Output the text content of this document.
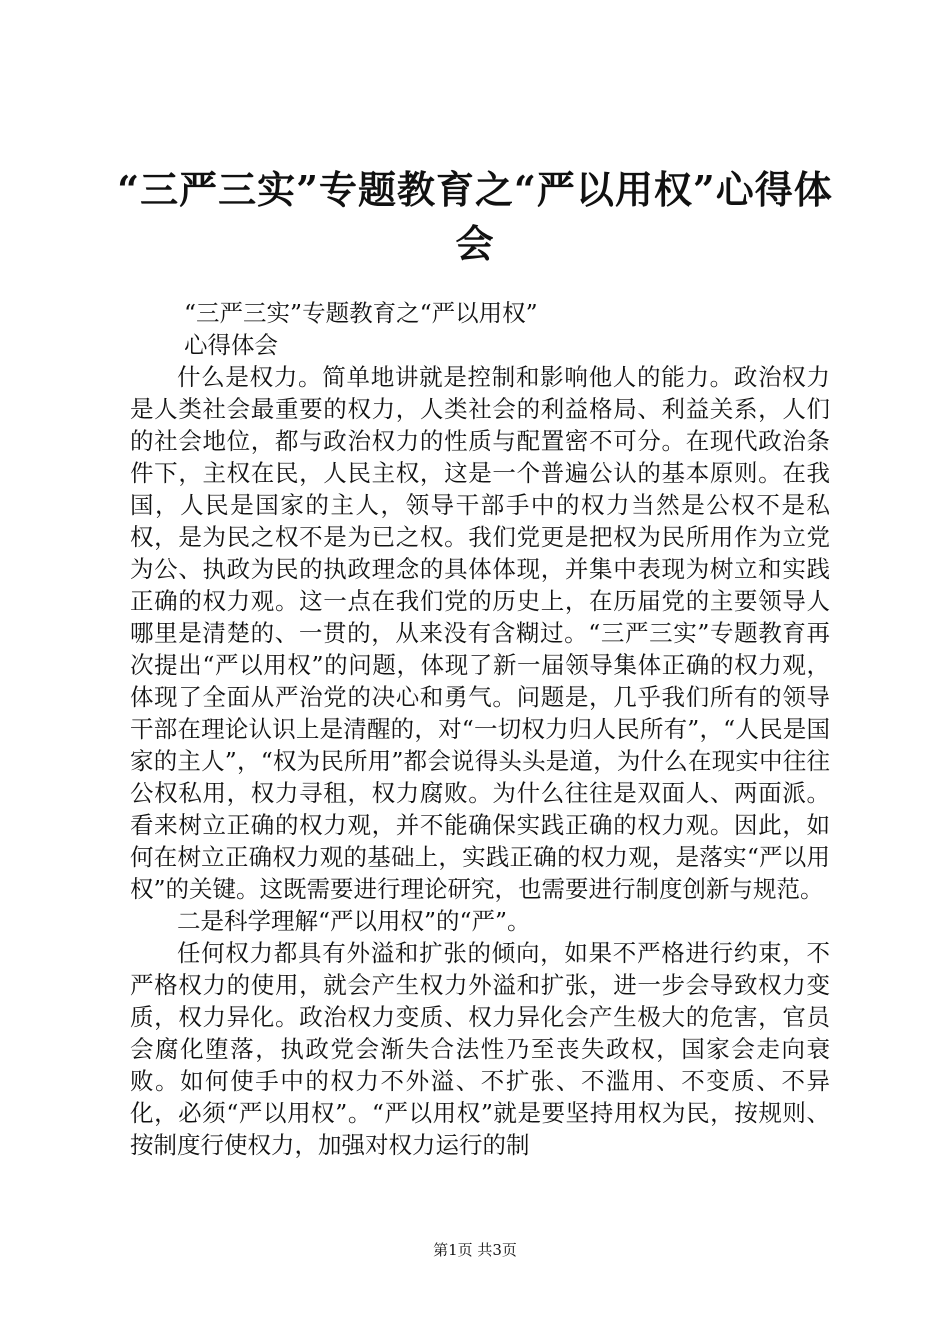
“三严三实”专题教育之“严以用权”心得体会

“三严三实”专题教育之“严以用权”

心得体会

什么是权力。简单地讲就是控制和影响他人的能力。政治权力是人类社会最重要的权力，人类社会的利益格局、利益关系，人们的社会地位，都与政治权力的性质与配置密不可分。在现代政治条件下，主权在民，人民主权，这是一个普遍公认的基本原则。在我国，人民是国家的主人，领导干部手中的权力当然是公权不是私权，是为民之权不是为已之权。我们党更是把权为民所用作为立党为公、执政为民的执政理念的具体体现，并集中表现为树立和实践正确的权力观。这一点在我们党的历史上，在历届党的主要领导人哪里是清楚的、一贯的，从来没有含糊过。“三严三实”专题教育再次提出“严以用权”的问题，体现了新一届领导集体正确的权力观，体现了全面从严治党的决心和勇气。问题是，几乎我们所有的领导干部在理论认识上是清醒的，对“一切权力归人民所有”，“人民是国家的主人”，“权为民所用”都会说得头头是道，为什么在现实中往往公权私用，权力寻租，权力腐败。为什么往往是双面人、两面派。看来树立正确的权力观，并不能确保实践正确的权力观。因此，如何在树立正确权力观的基础上，实践正确的权力观，是落实“严以用权”的关键。这既需要进行理论研究，也需要进行制度创新与规范。

二是科学理解“严以用权”的“严”。

任何权力都具有外溢和扩张的倾向，如果不严格进行约束，不严格权力的使用，就会产生权力外溢和扩张，进一步会导致权力变质，权力异化。政治权力变质、权力异化会产生极大的危害，官员会腐化堕落，执政党会渐失合法性乃至丧失政权，国家会走向衰败。如何使手中的权力不外溢、不扩张、不滥用、不变质、不异化，必须“严以用权”。“严以用权”就是要坚持用权为民，按规则、按制度行使权力，加强对权力运行的制

第1页 共3页
